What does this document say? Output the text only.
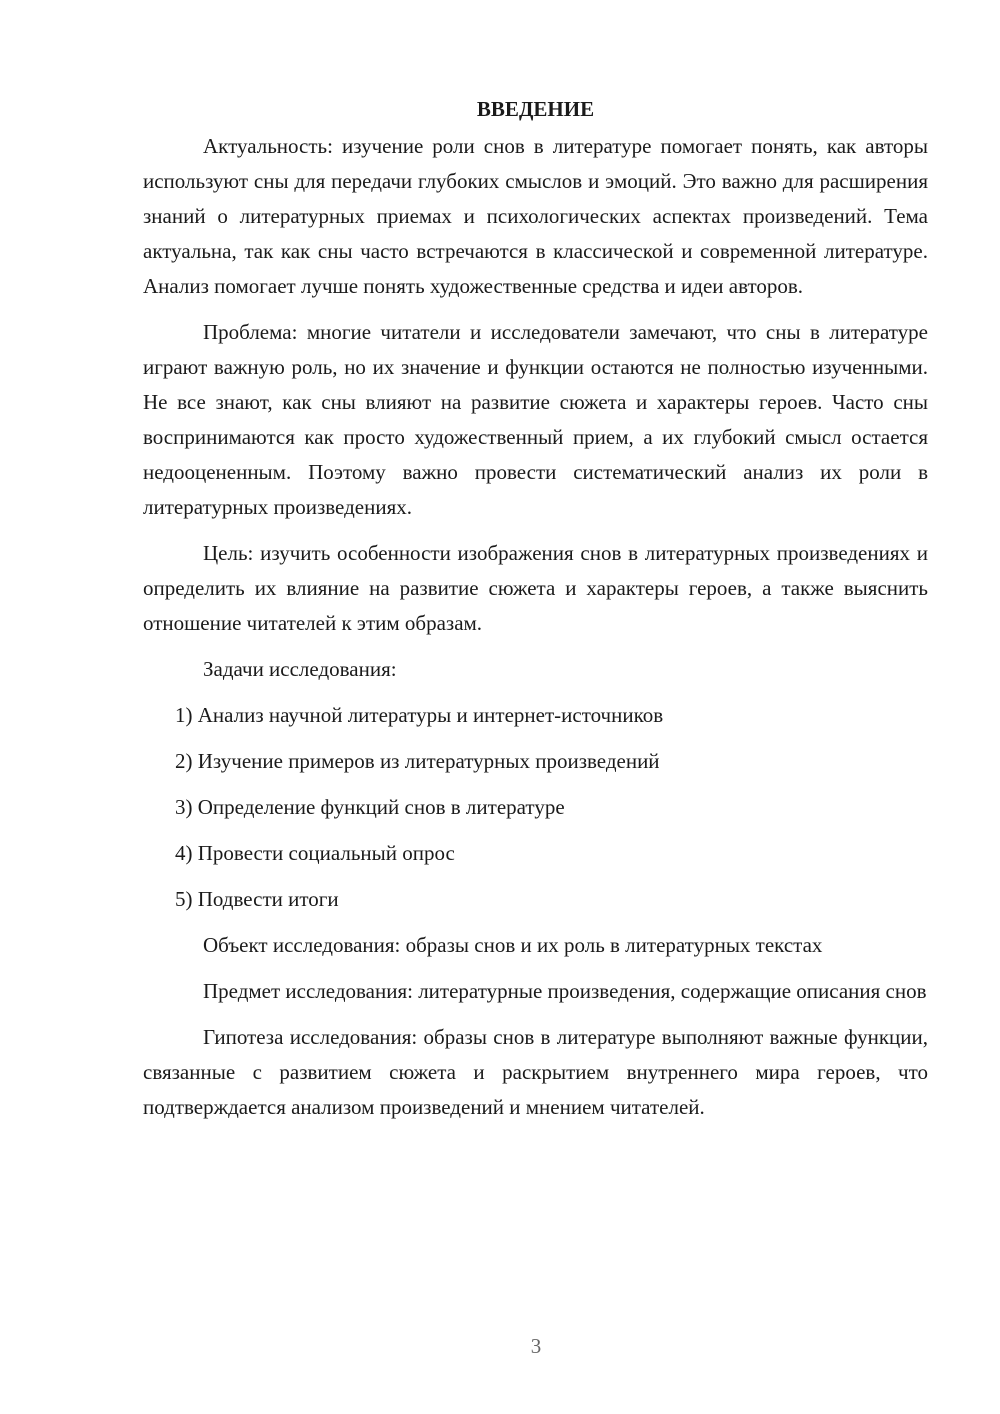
ВВЕДЕНИЕ

Актуальность: изучение роли снов в литературе помогает понять, как авторы используют сны для передачи глубоких смыслов и эмоций. Это важно для расширения знаний о литературных приемах и психологических аспектах произведений. Тема актуальна, так как сны часто встречаются в классической и современной литературе. Анализ помогает лучше понять художественные средства и идеи авторов.

Проблема: многие читатели и исследователи замечают, что сны в литературе играют важную роль, но их значение и функции остаются не полностью изученными. Не все знают, как сны влияют на развитие сюжета и характеры героев. Часто сны воспринимаются как просто художественный прием, а их глубокий смысл остается недооцененным. Поэтому важно провести систематический анализ их роли в литературных произведениях.

Цель: изучить особенности изображения снов в литературных произведениях и определить их влияние на развитие сюжета и характеры героев, а также выяснить отношение читателей к этим образам.

Задачи исследования:

1) Анализ научной литературы и интернет-источников
2) Изучение примеров из литературных произведений
3) Определение функций снов в литературе
4) Провести социальный опрос
5) Подвести итоги

Объект исследования: образы снов и их роль в литературных текстах

Предмет исследования: литературные произведения, содержащие описания снов

Гипотеза исследования: образы снов в литературе выполняют важные функции, связанные с развитием сюжета и раскрытием внутреннего мира героев, что подтверждается анализом произведений и мнением читателей.

3
